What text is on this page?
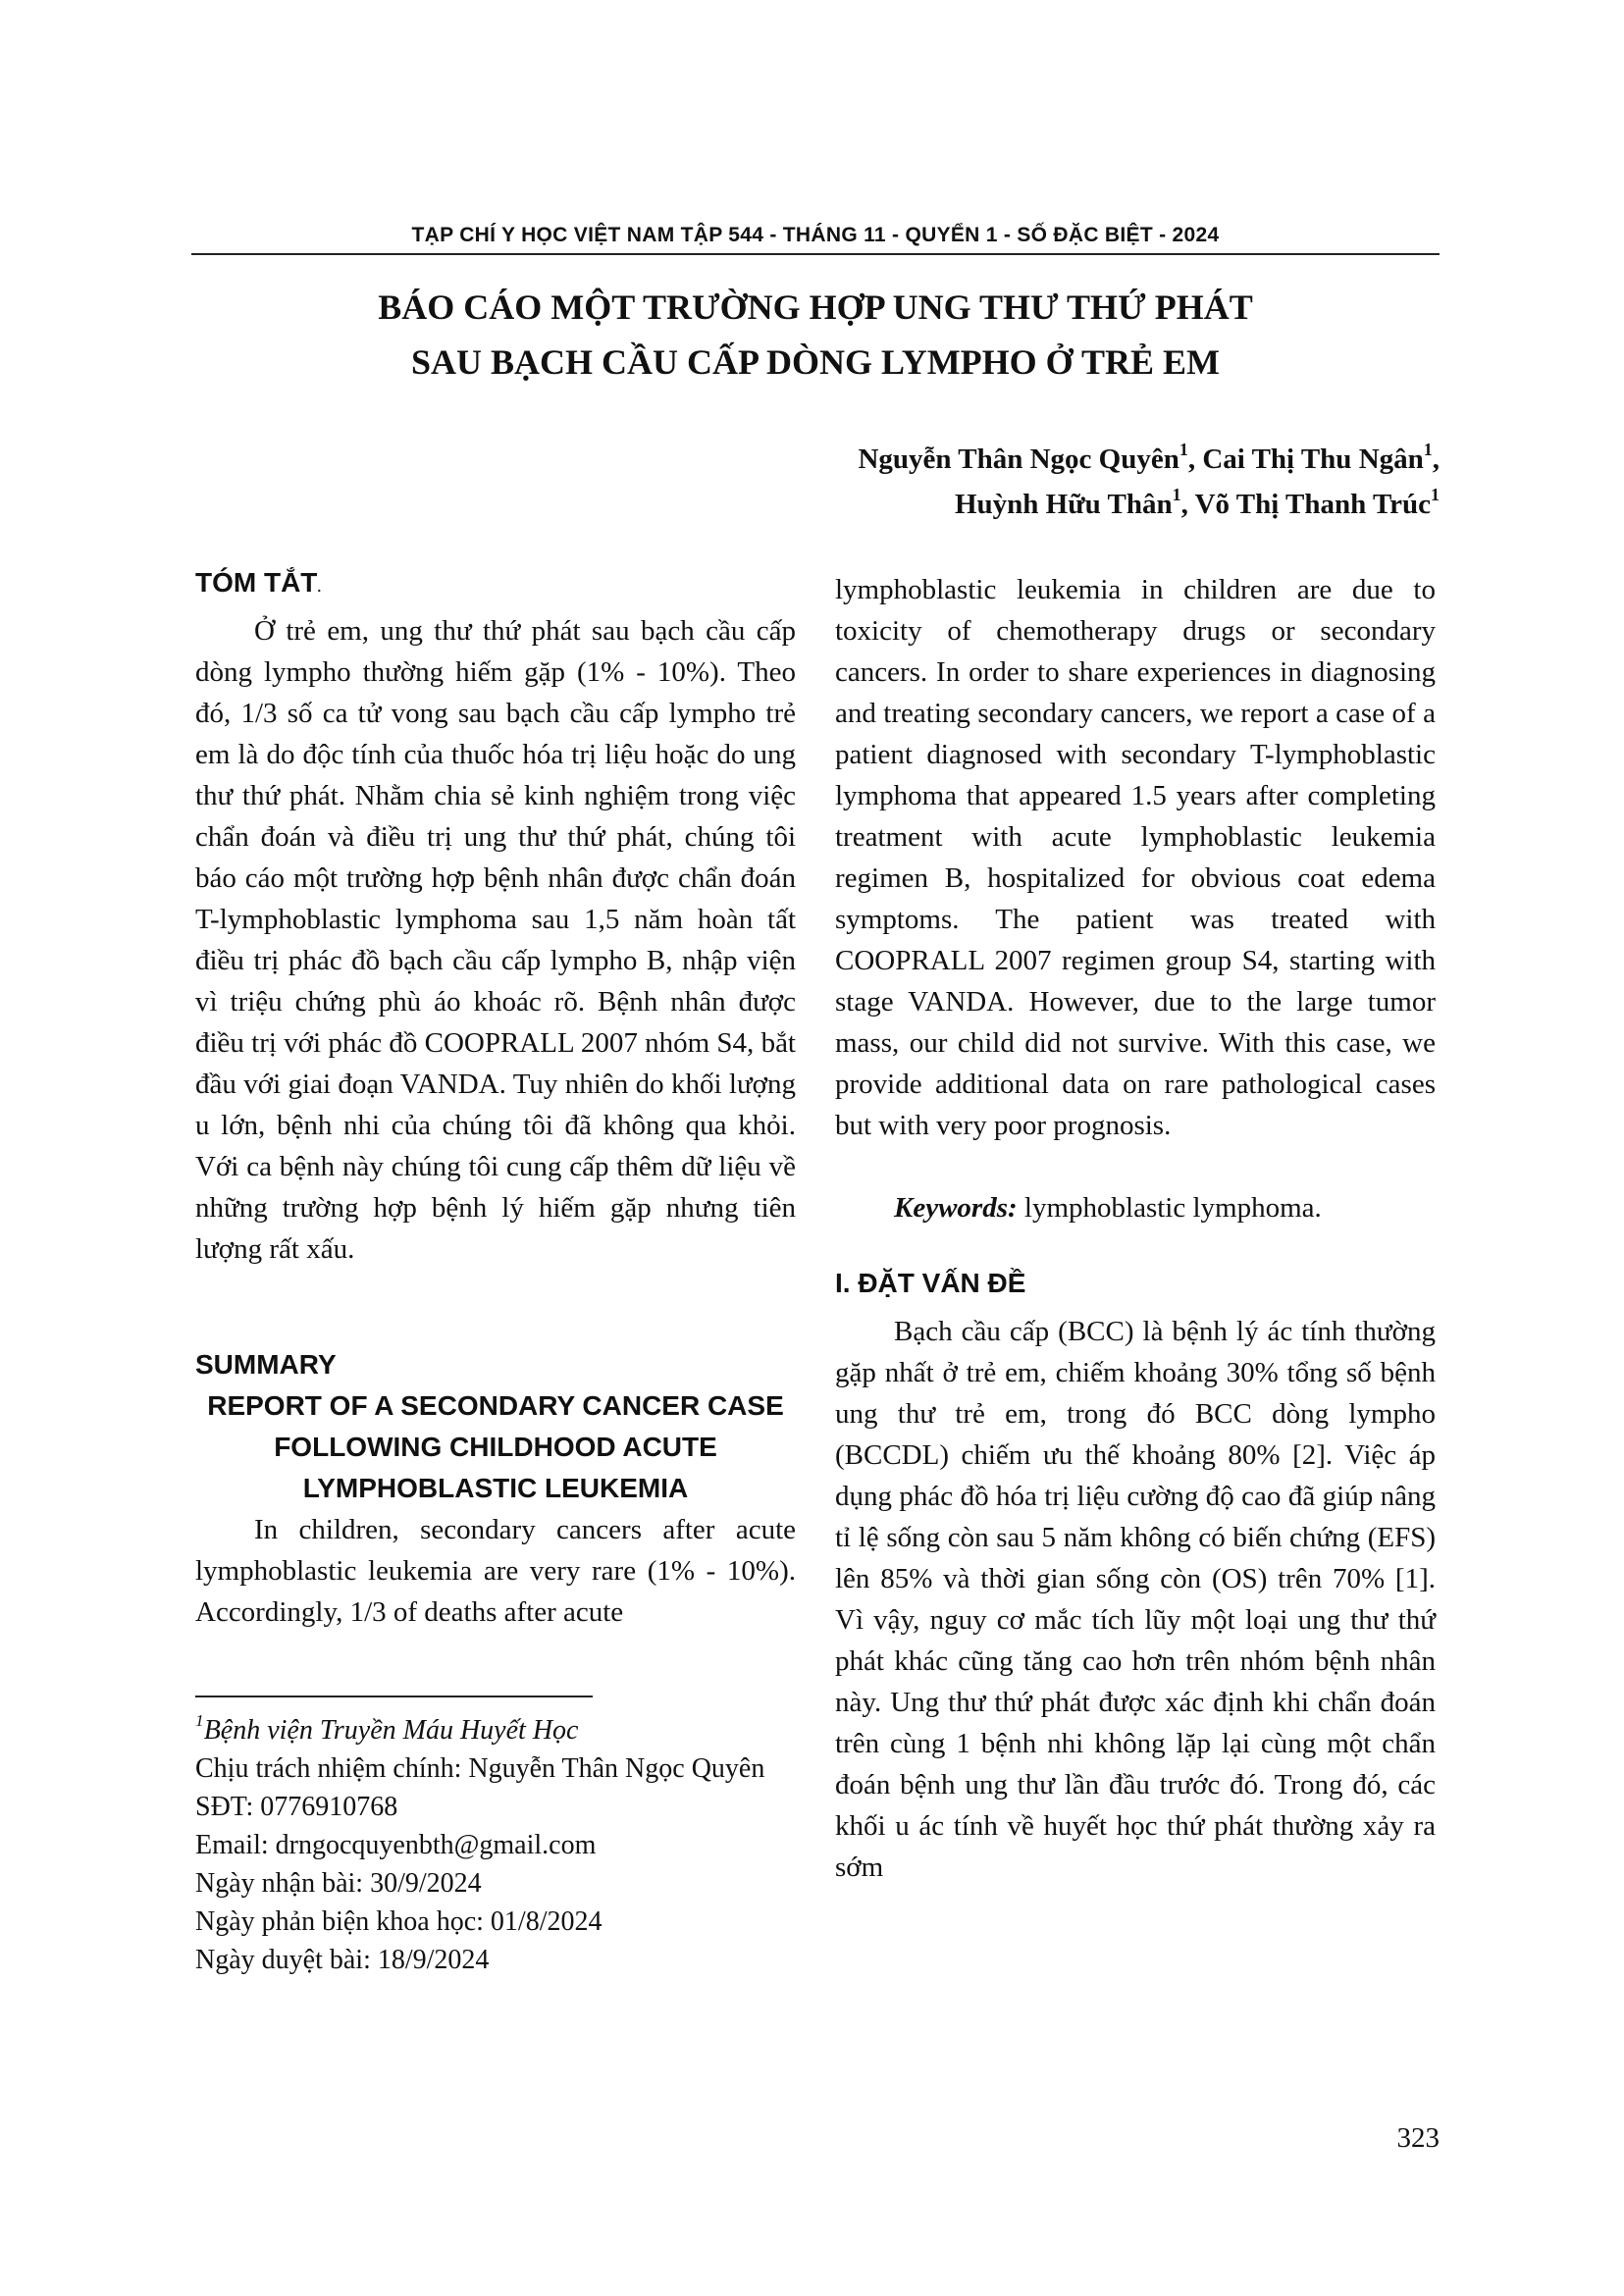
TẠP CHÍ Y HỌC VIỆT NAM TẬP 544 - THÁNG 11 - QUYỂN 1 - SỐ ĐẶC BIỆT - 2024
BÁO CÁO MỘT TRƯỜNG HỢP UNG THƯ THỨ PHÁT
SAU BẠCH CẦU CẤP DÒNG LYMPHO Ở TRẺ EM
Nguyễn Thân Ngọc Quyên$^1$, Cai Thị Thu Ngân$^1$,
Huỳnh Hữu Thân$^1$, Võ Thị Thanh Trúc$^1$
TÓM TẮT.
Ở trẻ em, ung thư thứ phát sau bạch cầu cấp dòng lympho thường hiếm gặp (1% - 10%). Theo đó, 1/3 số ca tử vong sau bạch cầu cấp lympho trẻ em là do độc tính của thuốc hóa trị liệu hoặc do ung thư thứ phát. Nhằm chia sẻ kinh nghiệm trong việc chẩn đoán và điều trị ung thư thứ phát, chúng tôi báo cáo một trường hợp bệnh nhân được chẩn đoán T-lymphoblastic lymphoma sau 1,5 năm hoàn tất điều trị phác đồ bạch cầu cấp lympho B, nhập viện vì triệu chứng phù áo khoác rõ. Bệnh nhân được điều trị với phác đồ COOPRALL 2007 nhóm S4, bắt đầu với giai đoạn VANDA. Tuy nhiên do khối lượng u lớn, bệnh nhi của chúng tôi đã không qua khỏi. Với ca bệnh này chúng tôi cung cấp thêm dữ liệu về những trường hợp bệnh lý hiếm gặp nhưng tiên lượng rất xấu.
SUMMARY
REPORT OF A SECONDARY CANCER CASE
FOLLOWING CHILDHOOD ACUTE
LYMPHOBLASTIC LEUKEMIA
In children, secondary cancers after acute lymphoblastic leukemia are very rare (1% - 10%). Accordingly, 1/3 of deaths after acute
$^1$Bệnh viện Truyền Máu Huyết Học
Chịu trách nhiệm chính: Nguyễn Thân Ngọc Quyên
SĐT: 0776910768
Email: drngocquyenbth@gmail.com
Ngày nhận bài: 30/9/2024
Ngày phản biện khoa học: 01/8/2024
Ngày duyệt bài: 18/9/2024
lymphoblastic leukemia in children are due to toxicity of chemotherapy drugs or secondary cancers. In order to share experiences in diagnosing and treating secondary cancers, we report a case of a patient diagnosed with secondary T-lymphoblastic lymphoma that appeared 1.5 years after completing treatment with acute lymphoblastic leukemia regimen B, hospitalized for obvious coat edema symptoms. The patient was treated with COOPRALL 2007 regimen group S4, starting with stage VANDA. However, due to the large tumor mass, our child did not survive. With this case, we provide additional data on rare pathological cases but with very poor prognosis.
Keywords: lymphoblastic lymphoma.
I. ĐẶT VẤN ĐỀ
Bạch cầu cấp (BCC) là bệnh lý ác tính thường gặp nhất ở trẻ em, chiếm khoảng 30% tổng số bệnh ung thư trẻ em, trong đó BCC dòng lympho (BCCDL) chiếm ưu thế khoảng 80% [2]. Việc áp dụng phác đồ hóa trị liệu cường độ cao đã giúp nâng tỉ lệ sống còn sau 5 năm không có biến chứng (EFS) lên 85% và thời gian sống còn (OS) trên 70% [1]. Vì vậy, nguy cơ mắc tích lũy một loại ung thư thứ phát khác cũng tăng cao hơn trên nhóm bệnh nhân này. Ung thư thứ phát được xác định khi chẩn đoán trên cùng 1 bệnh nhi không lặp lại cùng một chẩn đoán bệnh ung thư lần đầu trước đó. Trong đó, các khối u ác tính về huyết học thứ phát thường xảy ra sớm
323
